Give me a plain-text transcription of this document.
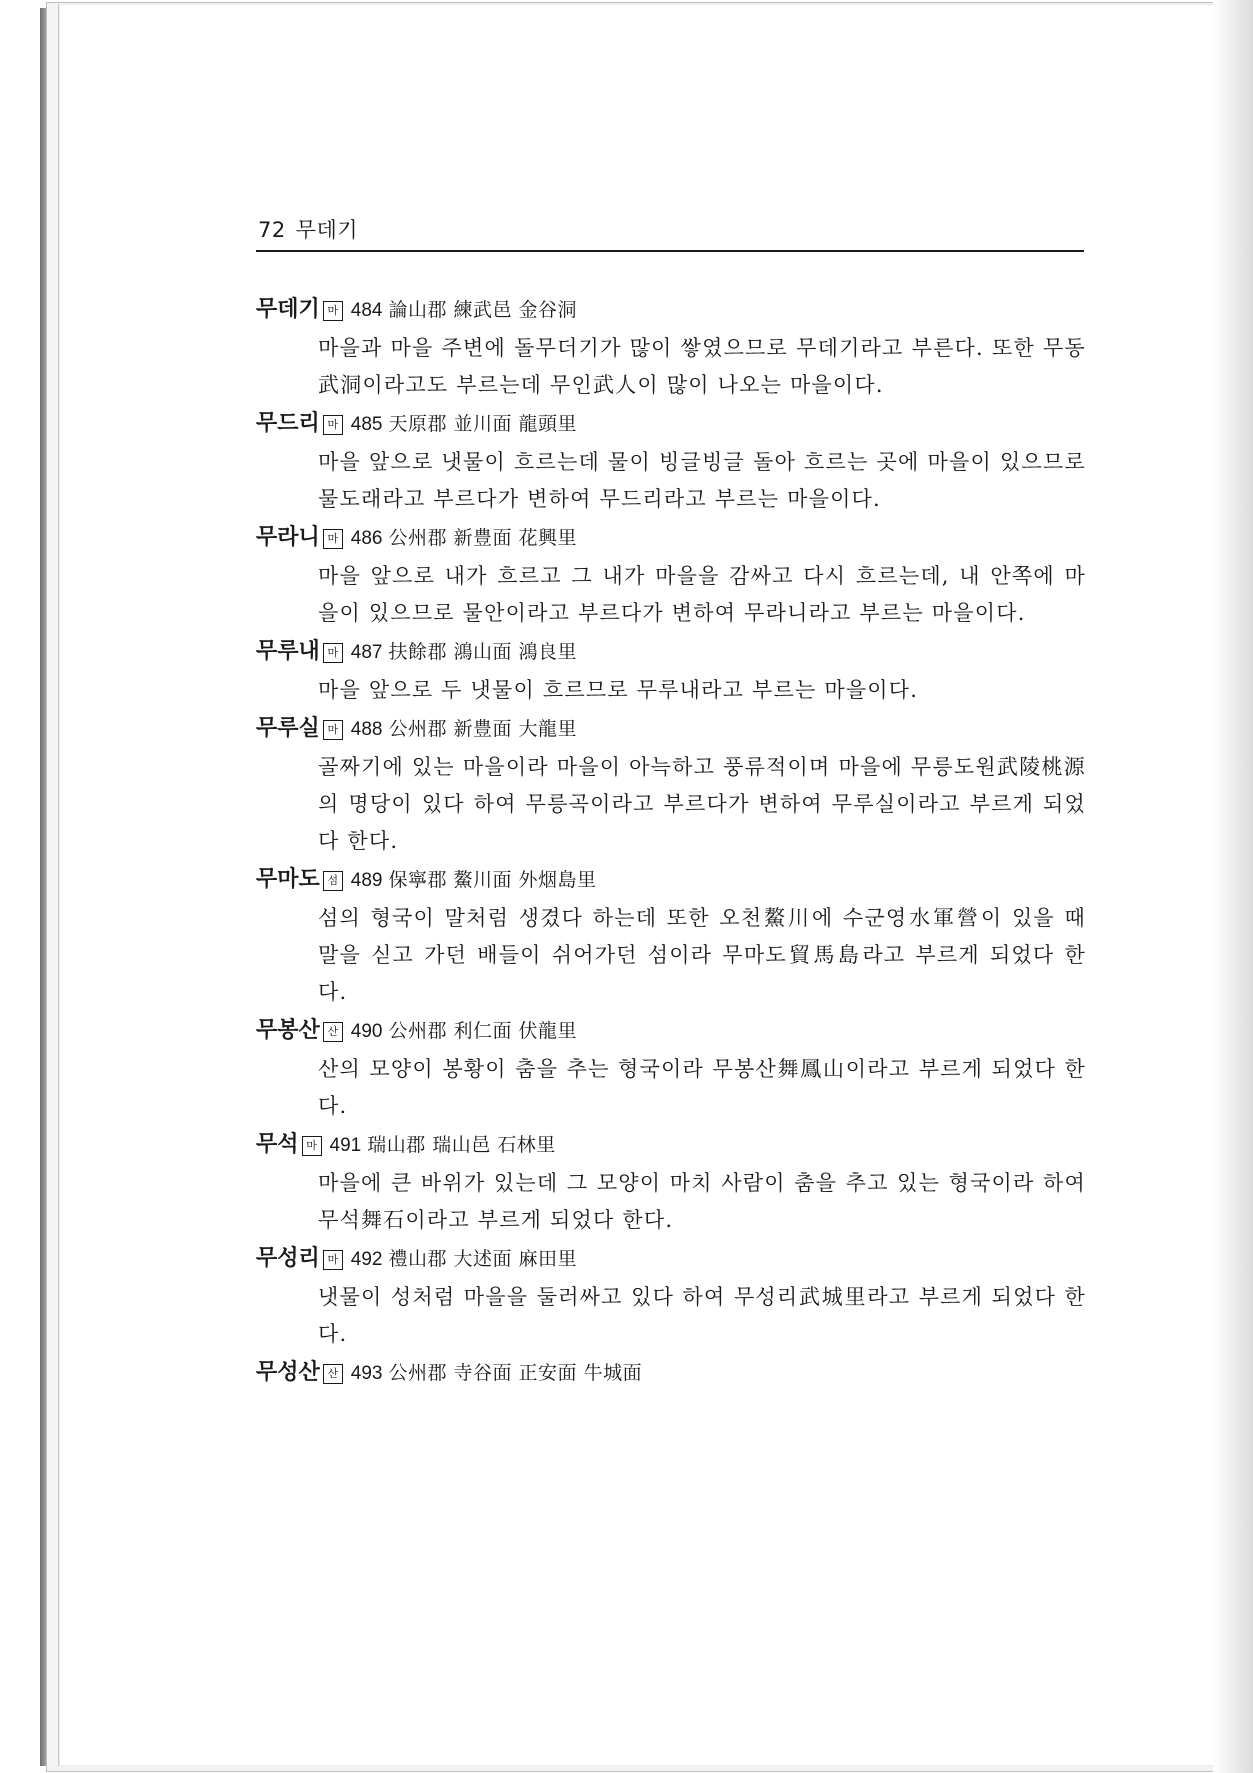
72 무데기
무데기 마 484 論山郡 練武邑 金谷洞
마을과 마을 주변에 돌무더기가 많이 쌓였으므로 무데기라고 부른다. 또한 무동武洞이라고도 부르는데 무인武人이 많이 나오는 마을이다.
무드리 마 485 天原郡 並川面 龍頭里
마을 앞으로 냇물이 흐르는데 물이 빙글빙글 돌아 흐르는 곳에 마을이 있으므로 물도래라고 부르다가 변하여 무드리라고 부르는 마을이다.
무라니 마 486 公州郡 新豊面 花興里
마을 앞으로 내가 흐르고 그 내가 마을을 감싸고 다시 흐르는데, 내 안쪽에 마을이 있으므로 물안이라고 부르다가 변하여 무라니라고 부르는 마을이다.
무루내 마 487 扶餘郡 鴻山面 鴻良里
마을 앞으로 두 냇물이 흐르므로 무루내라고 부르는 마을이다.
무루실 마 488 公州郡 新豊面 大龍里
골짜기에 있는 마을이라 마을이 아늑하고 풍류적이며 마을에 무릉도원武陵桃源의 명당이 있다 하여 무릉곡이라고 부르다가 변하여 무루실이라고 부르게 되었다 한다.
무마도 섬 489 保寧郡 鰲川面 外烟島里
섬의 형국이 말처럼 생겼다 하는데 또한 오천鰲川에 수군영水軍營이 있을 때 말을 싣고 가던 배들이 쉬어가던 섬이라 무마도貿馬島라고 부르게 되었다 한다.
무봉산 산 490 公州郡 利仁面 伏龍里
산의 모양이 봉황이 춤을 추는 형국이라 무봉산舞鳳山이라고 부르게 되었다 한다.
무석 마 491 瑞山郡 瑞山邑 石林里
마을에 큰 바위가 있는데 그 모양이 마치 사람이 춤을 추고 있는 형국이라 하여 무석舞石이라고 부르게 되었다 한다.
무성리 마 492 禮山郡 大述面 麻田里
냇물이 성처럼 마을을 둘러싸고 있다 하여 무성리武城里라고 부르게 되었다 한다.
무성산 산 493 公州郡 寺谷面 正安面 牛城面
